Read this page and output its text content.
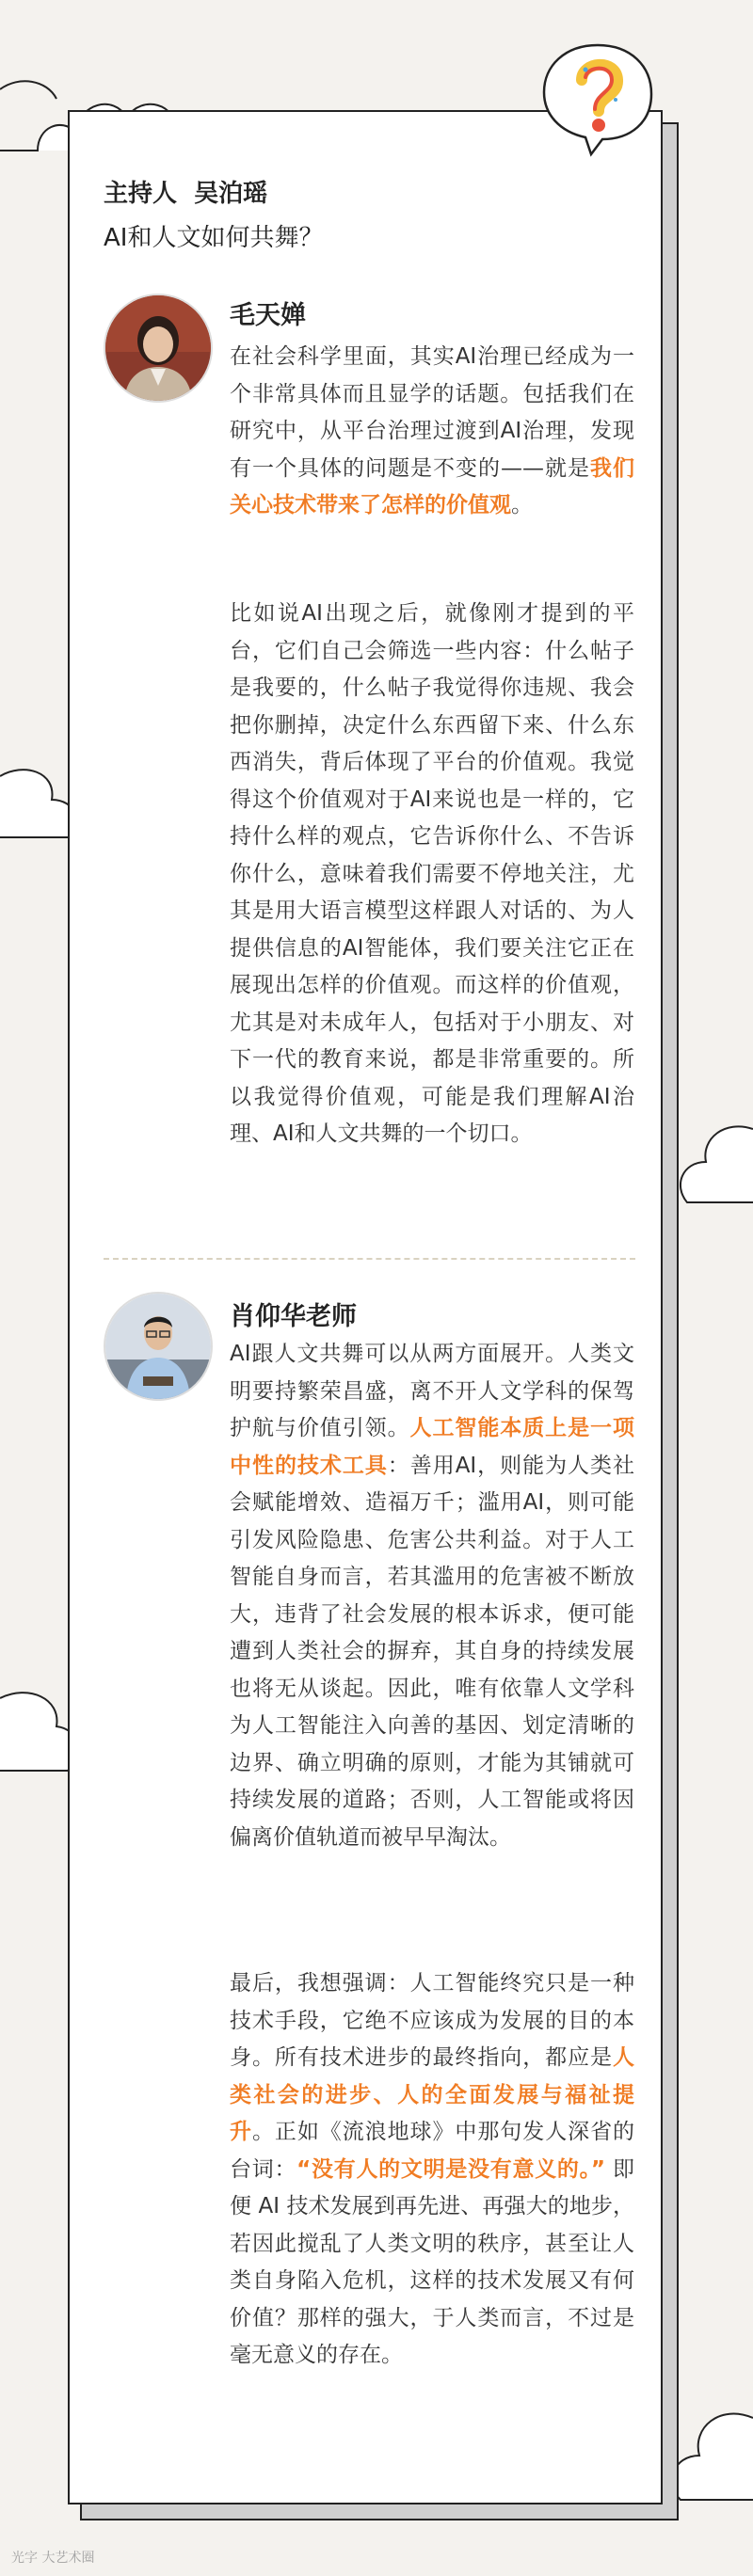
主持人  吴泊瑶
AI和人文如何共舞？
毛天婵

在社会科学里面，其实AI治理已经成为一个非常具体而且显学的话题。包括我们在研究中，从平台治理过渡到AI治理，发现有一个具体的问题是不变的——就是我们关心技术带来了怎样的价值观。

比如说AI出现之后，就像刚才提到的平台，它们自己会筛选一些内容：什么帖子是我要的，什么帖子我觉得你违规、我会把你删掉，决定什么东西留下来、什么东西消失，背后体现了平台的价值观。我觉得这个价值观对于AI来说也是一样的，它持什么样的观点，它告诉你什么、不告诉你什么，意味着我们需要不停地关注，尤其是用大语言模型这样跟人对话的、为人提供信息的AI智能体，我们要关注它正在展现出怎样的价值观。而这样的价值观，尤其是对未成年人，包括对于小朋友、对下一代的教育来说，都是非常重要的。所以我觉得价值观，可能是我们理解AI治理、AI和人文共舞的一个切口。

肖仰华老师

AI跟人文共舞可以从两方面展开。人类文明要持繁荣昌盛，离不开人文学科的保驾护航与价值引领。人工智能本质上是一项中性的技术工具：善用AI，则能为人类社会赋能增效、造福万千；滥用AI，则可能引发风险隐患、危害公共利益。对于人工智能自身而言，若其滥用的危害被不断放大，违背了社会发展的根本诉求，便可能遭到人类社会的摒弃，其自身的持续发展也将无从谈起。因此，唯有依靠人文学科为人工智能注入向善的基因、划定清晰的边界、确立明确的原则，才能为其铺就可持续发展的道路；否则，人工智能或将因偏离价值轨道而被早早淘汰。

最后，我想强调：人工智能终究只是一种技术手段，它绝不应该成为发展的目的本身。所有技术进步的最终指向，都应是人类社会的进步、人的全面发展与福祉提升。正如《流浪地球》中那句发人深省的台词：“没有人的文明是没有意义的。” 即便 AI 技术发展到再先进、再强大的地步，若因此搅乱了人类文明的秩序，甚至让人类自身陷入危机，这样的技术发展又有何价值？那样的强大，于人类而言，不过是毫无意义的存在。

光字 大艺术圈
